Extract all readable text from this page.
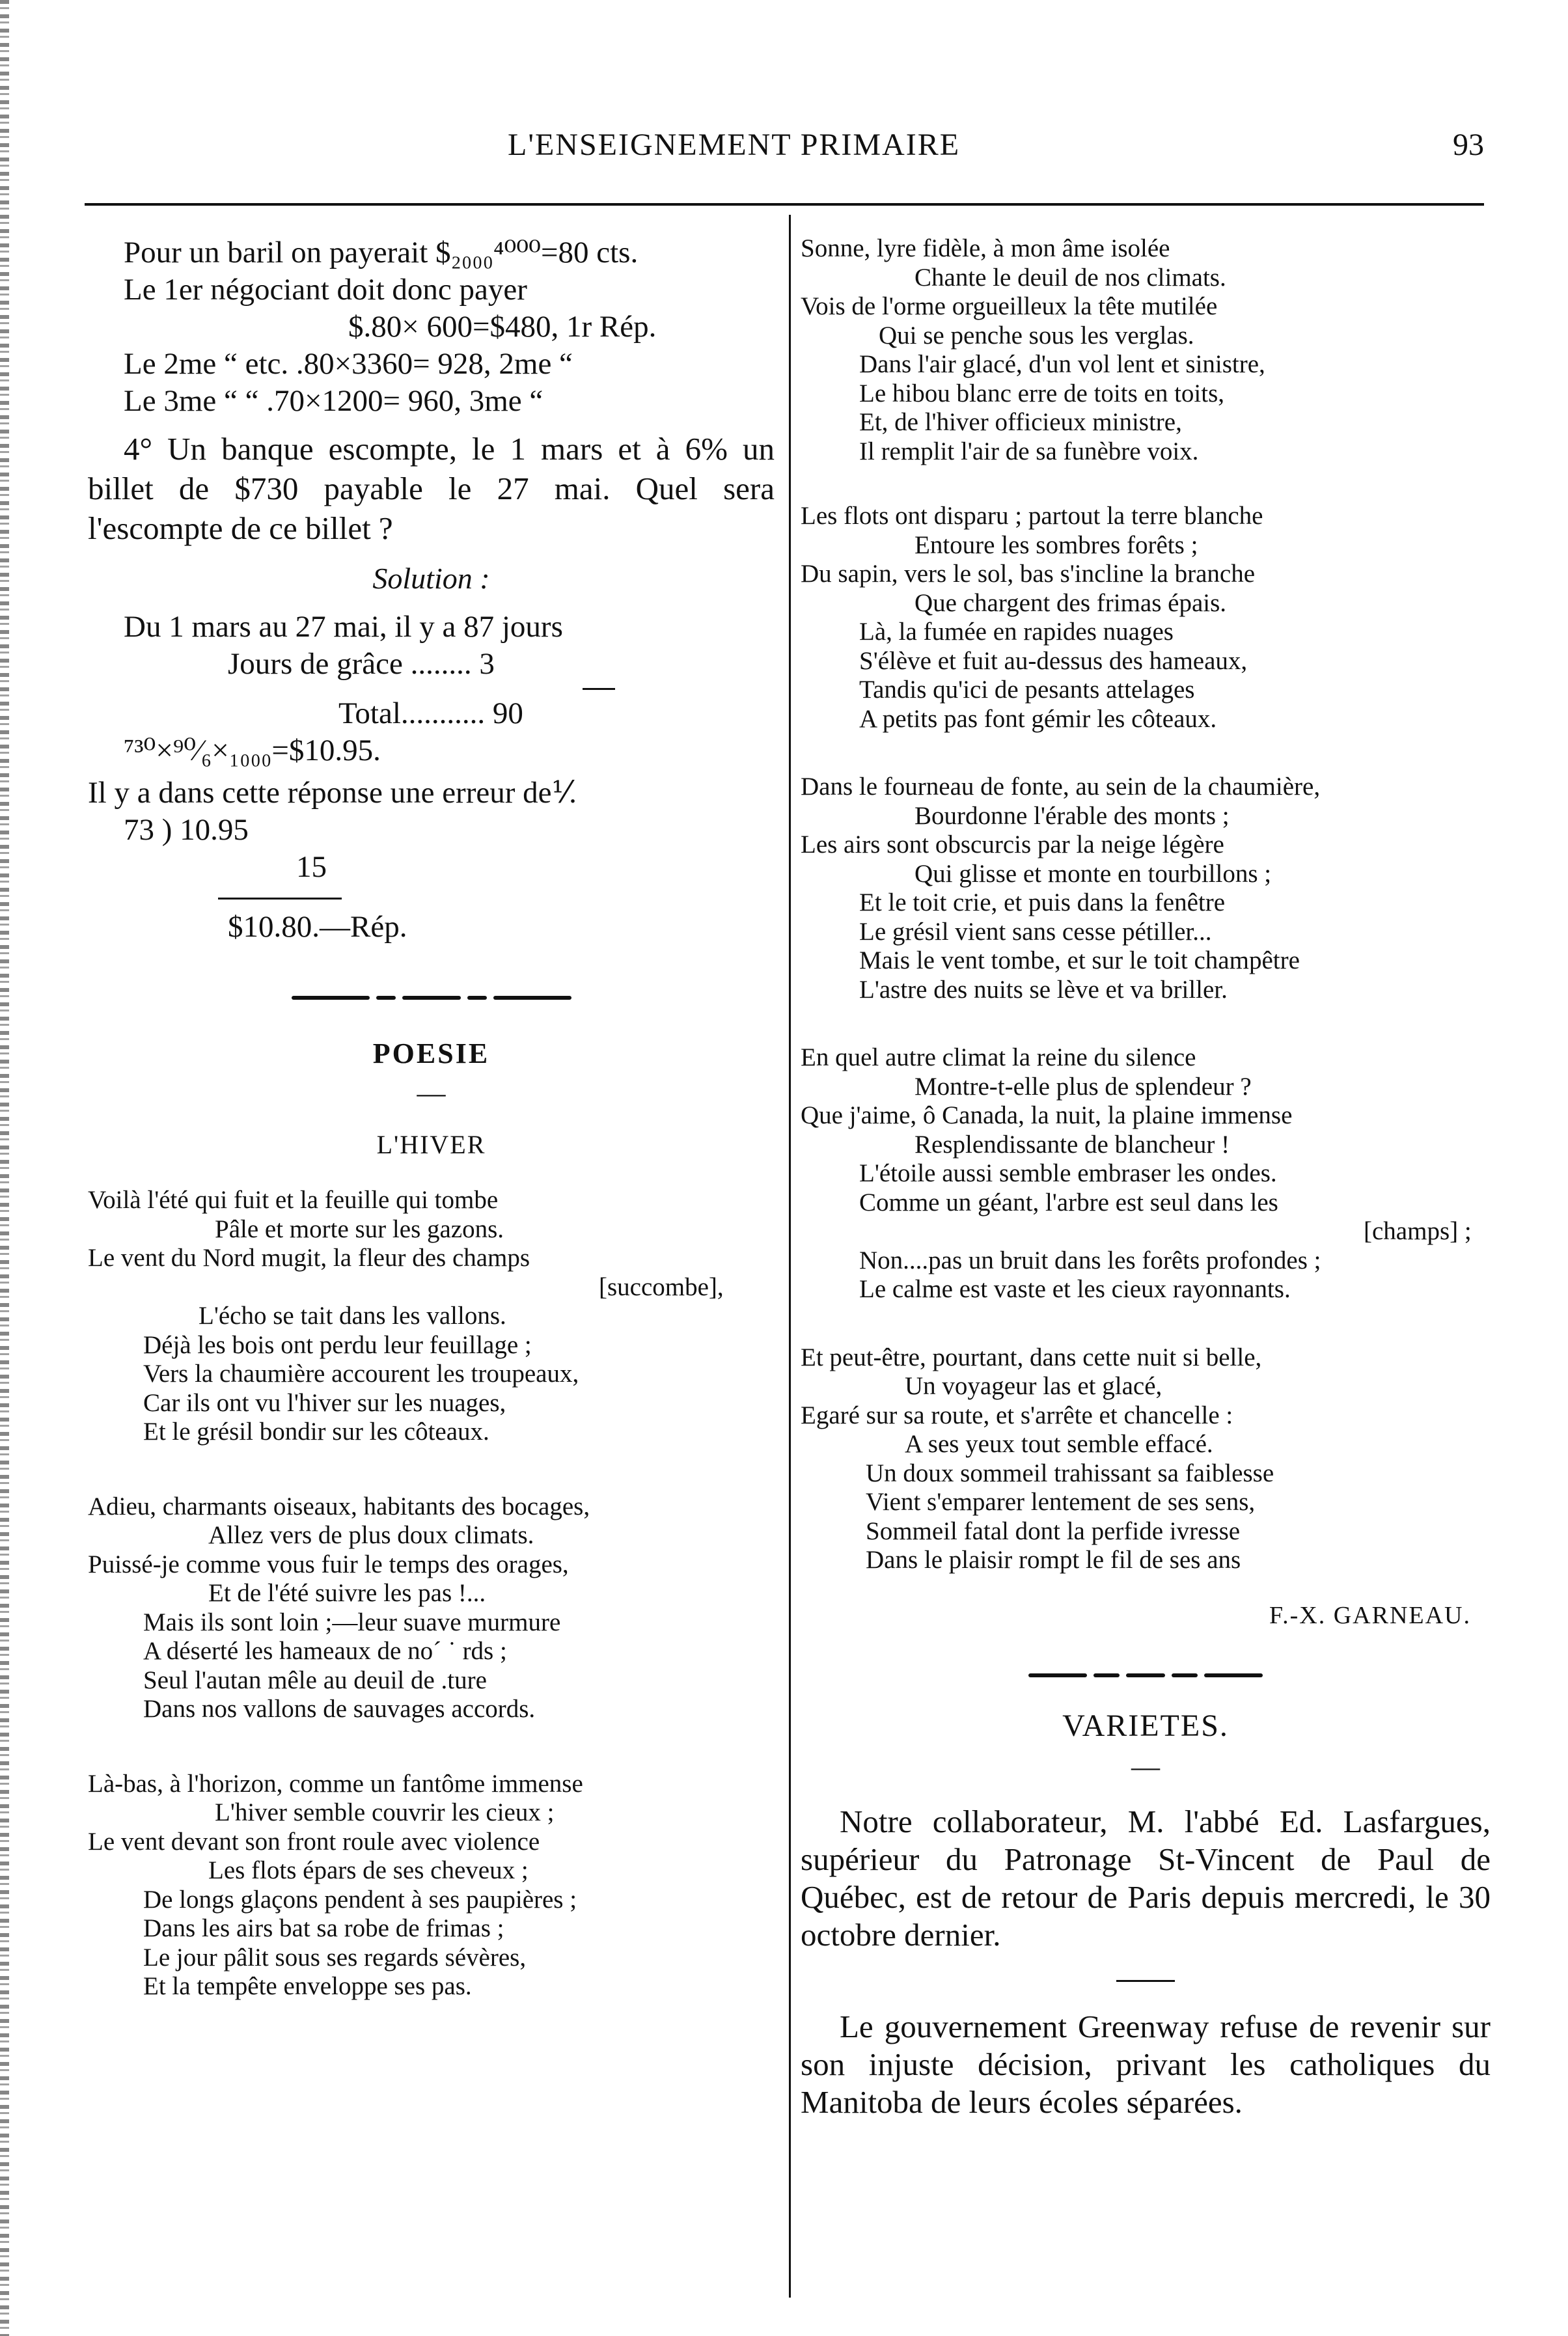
L'ENSEIGNEMENT PRIMAIRE	93
Pour un baril on payerait $₂₀₀₀⁴⁰⁰⁰=80 cts.
Le 1er négociant doit donc payer
$.80× 600=$480, 1r Rép.
Le 2me “ etc. .80×3360= 928, 2me “
Le 3me “ “ .70×1200= 960, 3me “
4° Un banque escompte, le 1 mars et à 6% un billet de $730 payable le 27 mai. Quel sera l'escompte de ce billet ?
Solution :
Du 1 mars au 27 mai, il y a 87 jours
Jours de grâce ........ 3
Total........... 90
⁷³⁰×⁹⁰⁄₆×₁₀₀₀=$10.95.
Il y a dans cette réponse une erreur de⅟.
73 ) 10.95
15
$10.80.—Rép.
POESIE
—
L'HIVER
Voilà l'été qui fuit et la feuille qui tombe
Pâle et morte sur les gazons.
Le vent du Nord mugit, la fleur des champs
[succombe],
L'écho se tait dans les vallons.
Déjà les bois ont perdu leur feuillage ;
Vers la chaumière accourent les troupeaux,
Car ils ont vu l'hiver sur les nuages,
Et le grésil bondir sur les côteaux.
Adieu, charmants oiseaux, habitants des bocages,
Allez vers de plus doux climats.
Puissé-je comme vous fuir le temps des orages,
Et de l'été suivre les pas !...
Mais ils sont loin ;—leur suave murmure
A déserté les hameaux de no´ ˙ rds ;
Seul l'autan mêle au deuil de .ture
Dans nos vallons de sauvages accords.
Là-bas, à l'horizon, comme un fantôme immense
L'hiver semble couvrir les cieux ;
Le vent devant son front roule avec violence
Les flots épars de ses cheveux ;
De longs glaçons pendent à ses paupières ;
Dans les airs bat sa robe de frimas ;
Le jour pâlit sous ses regards sévères,
Et la tempête enveloppe ses pas.
Sonne, lyre fidèle, à mon âme isolée
Chante le deuil de nos climats.
Vois de l'orme orgueilleux la tête mutilée
Qui se penche sous les verglas.
Dans l'air glacé, d'un vol lent et sinistre,
Le hibou blanc erre de toits en toits,
Et, de l'hiver officieux ministre,
Il remplit l'air de sa funèbre voix.
Les flots ont disparu ; partout la terre blanche
Entoure les sombres forêts ;
Du sapin, vers le sol, bas s'incline la branche
Que chargent des frimas épais.
Là, la fumée en rapides nuages
S'élève et fuit au-dessus des hameaux,
Tandis qu'ici de pesants attelages
A petits pas font gémir les côteaux.
Dans le fourneau de fonte, au sein de la chaumière,
Bourdonne l'érable des monts ;
Les airs sont obscurcis par la neige légère
Qui glisse et monte en tourbillons ;
Et le toit crie, et puis dans la fenêtre
Le grésil vient sans cesse pétiller...
Mais le vent tombe, et sur le toit champêtre
L'astre des nuits se lève et va briller.
En quel autre climat la reine du silence
Montre-t-elle plus de splendeur ?
Que j'aime, ô Canada, la nuit, la plaine immense
Resplendissante de blancheur !
L'étoile aussi semble embraser les ondes.
Comme un géant, l'arbre est seul dans les
[champs] ;
Non....pas un bruit dans les forêts profondes ;
Le calme est vaste et les cieux rayonnants.
Et peut-être, pourtant, dans cette nuit si belle,
Un voyageur las et glacé,
Egaré sur sa route, et s'arrête et chancelle :
A ses yeux tout semble effacé.
Un doux sommeil trahissant sa faiblesse
Vient s'emparer lentement de ses sens,
Sommeil fatal dont la perfide ivresse
Dans le plaisir rompt le fil de ses ans
F.-X. GARNEAU.
VARIETES.
—
Notre collaborateur, M. l'abbé Ed. Lasfargues, supérieur du Patronage St-Vincent de Paul de Québec, est de retour de Paris depuis mercredi, le 30 octobre dernier.
Le gouvernement Greenway refuse de revenir sur son injuste décision, privant les catholiques du Manitoba de leurs écoles séparées.
